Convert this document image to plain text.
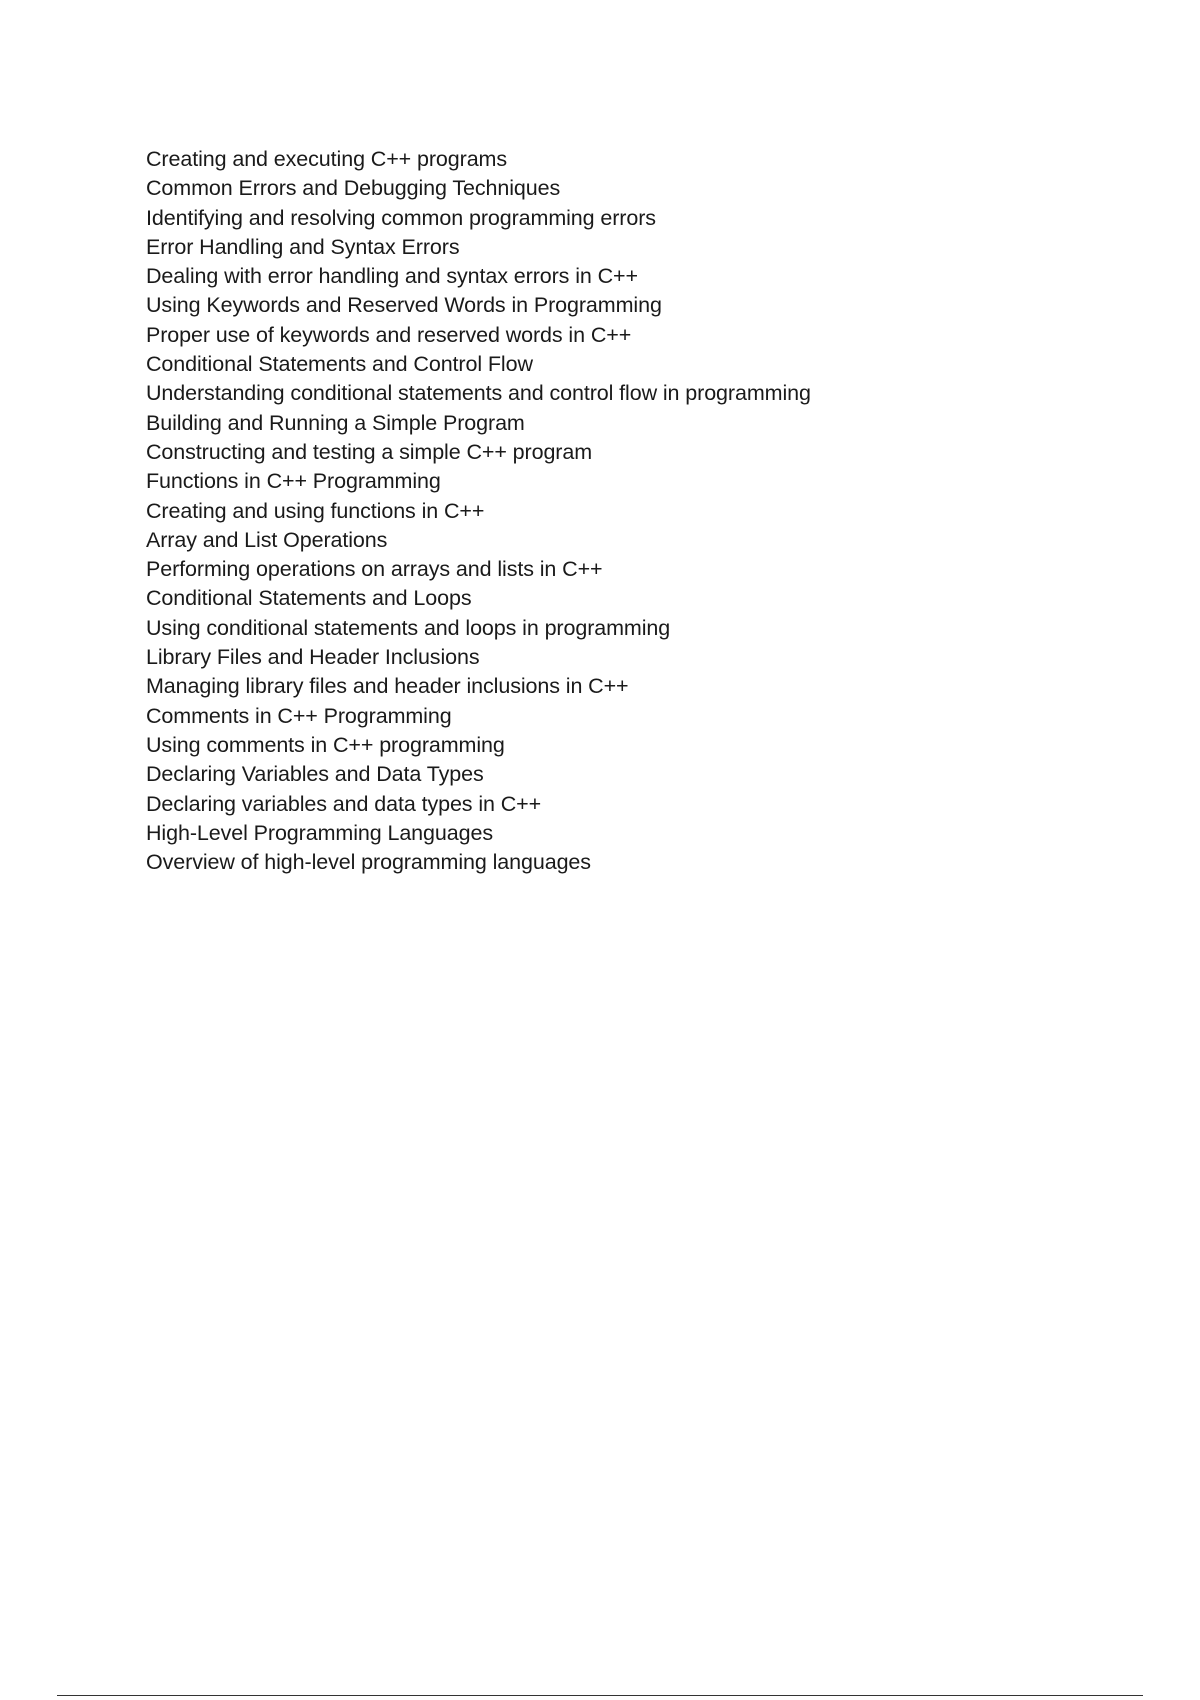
Creating and executing C++ programs
Common Errors and Debugging Techniques
Identifying and resolving common programming errors
Error Handling and Syntax Errors
Dealing with error handling and syntax errors in C++
Using Keywords and Reserved Words in Programming
Proper use of keywords and reserved words in C++
Conditional Statements and Control Flow
Understanding conditional statements and control flow in programming
Building and Running a Simple Program
Constructing and testing a simple C++ program
Functions in C++ Programming
Creating and using functions in C++
Array and List Operations
Performing operations on arrays and lists in C++
Conditional Statements and Loops
Using conditional statements and loops in programming
Library Files and Header Inclusions
Managing library files and header inclusions in C++
Comments in C++ Programming
Using comments in C++ programming
Declaring Variables and Data Types
Declaring variables and data types in C++
High-Level Programming Languages
Overview of high-level programming languages
